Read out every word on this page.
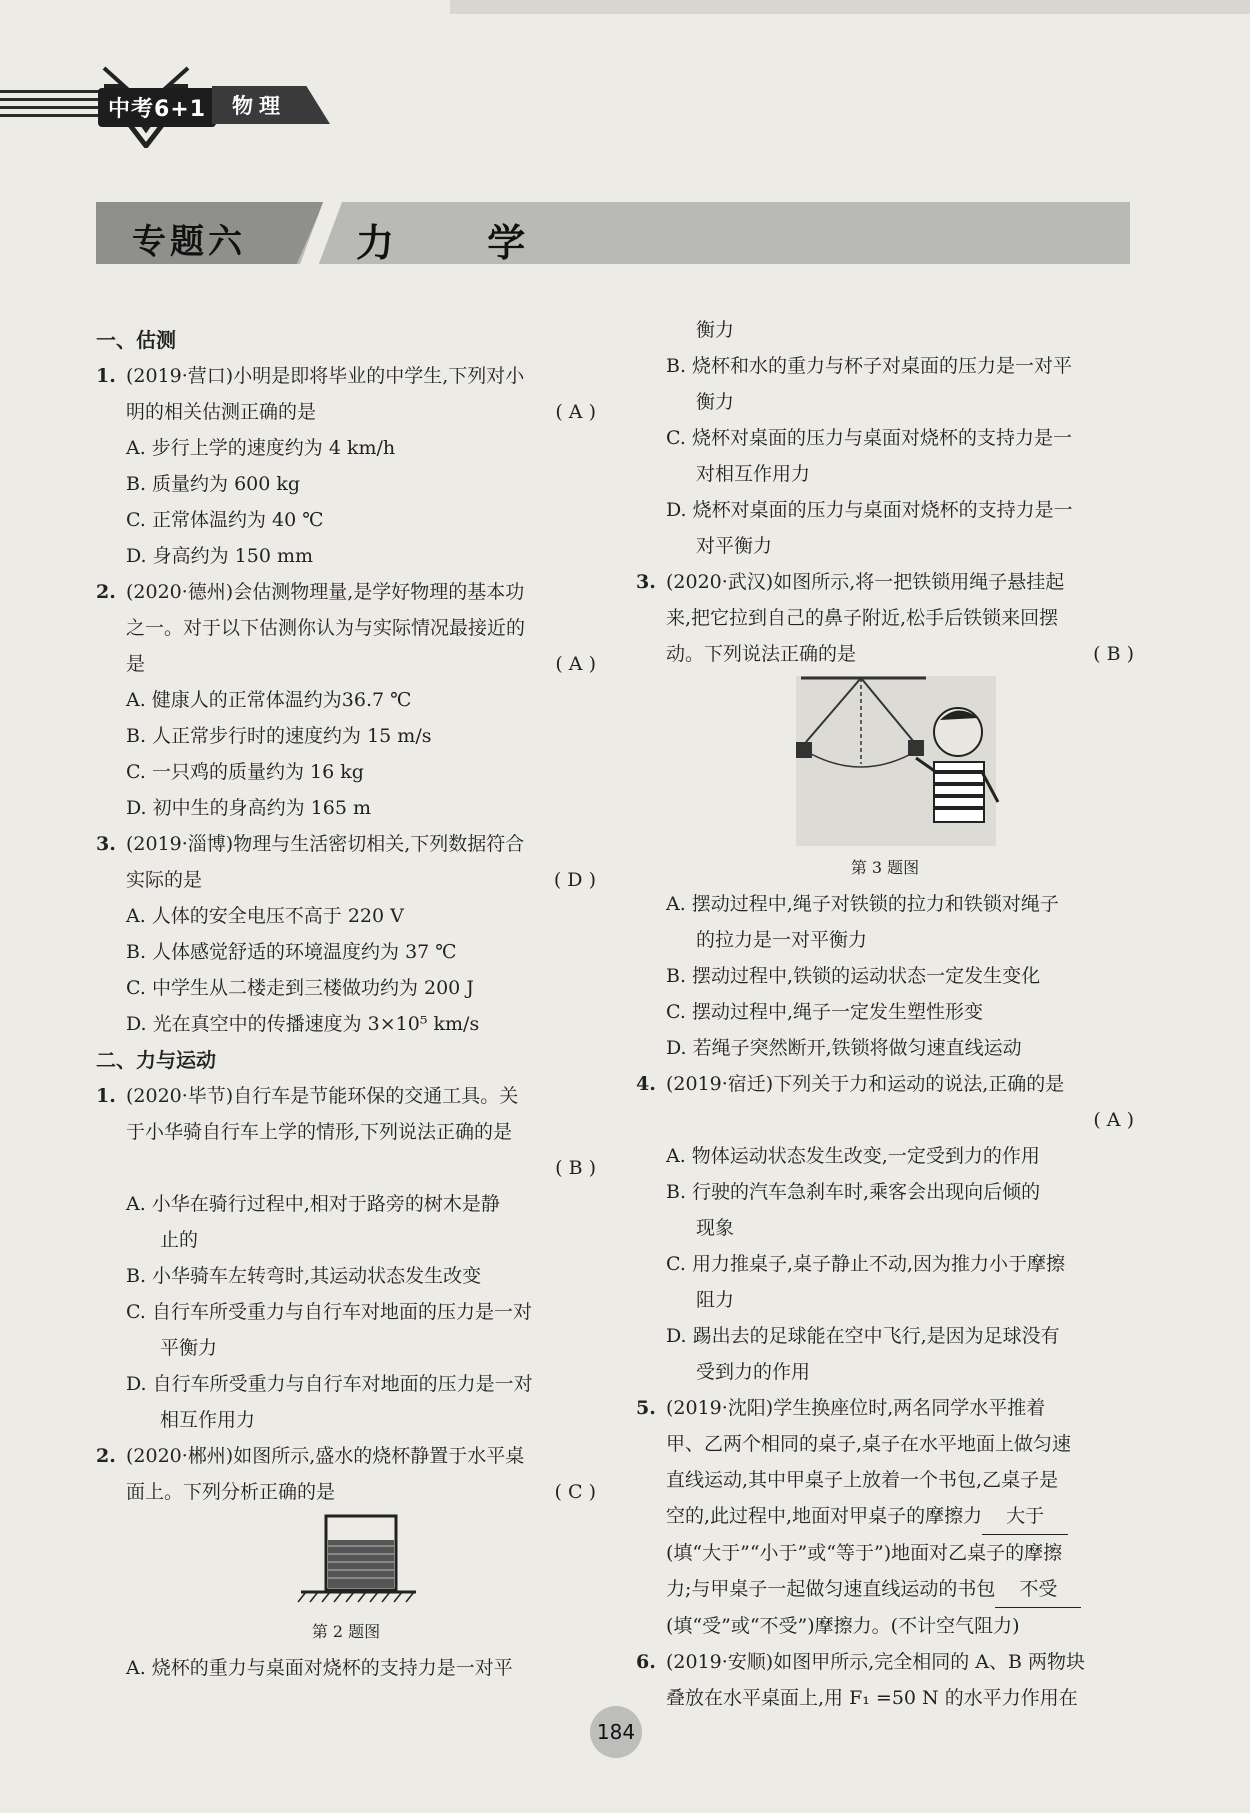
中考6+1	物理
专题六	力 学
一、估测
1. (2019·营口)小明是即将毕业的中学生,下列对小
明的相关估测正确的是	( A )
A. 步行上学的速度约为 4 km/h
B. 质量约为 600 kg
C. 正常体温约为 40 ℃
D. 身高约为 150 mm
2. (2020·德州)会估测物理量,是学好物理的基本功
之一。对于以下估测你认为与实际情况最接近的
是	( A )
A. 健康人的正常体温约为36.7 ℃
B. 人正常步行时的速度约为 15 m/s
C. 一只鸡的质量约为 16 kg
D. 初中生的身高约为 165 m
3. (2019·淄博)物理与生活密切相关,下列数据符合
实际的是	( D )
A. 人体的安全电压不高于 220 V
B. 人体感觉舒适的环境温度约为 37 ℃
C. 中学生从二楼走到三楼做功约为 200 J
D. 光在真空中的传播速度为 3×10⁵ km/s
二、力与运动
1. (2020·毕节)自行车是节能环保的交通工具。关
于小华骑自行车上学的情形,下列说法正确的是
( B )

A. 小华在骑行过程中,相对于路旁的树木是静
止的
B. 小华骑车左转弯时,其运动状态发生改变
C. 自行车所受重力与自行车对地面的压力是一对
平衡力
D. 自行车所受重力与自行车对地面的压力是一对
相互作用力
2. (2020·郴州)如图所示,盛水的烧杯静置于水平桌
面上。下列分析正确的是	( C )
第 2 题图
A. 烧杯的重力与桌面对烧杯的支持力是一对平
衡力
B. 烧杯和水的重力与杯子对桌面的压力是一对平
衡力
C. 烧杯对桌面的压力与桌面对烧杯的支持力是一
对相互作用力
D. 烧杯对桌面的压力与桌面对烧杯的支持力是一
对平衡力
3. (2020·武汉)如图所示,将一把铁锁用绳子悬挂起
来,把它拉到自己的鼻子附近,松手后铁锁来回摆
动。下列说法正确的是	( B )
第 3 题图
A. 摆动过程中,绳子对铁锁的拉力和铁锁对绳子
的拉力是一对平衡力
B. 摆动过程中,铁锁的运动状态一定发生变化
C. 摆动过程中,绳子一定发生塑性形变
D. 若绳子突然断开,铁锁将做匀速直线运动
4. (2019·宿迁)下列关于力和运动的说法,正确的是
( A )

A. 物体运动状态发生改变,一定受到力的作用
B. 行驶的汽车急刹车时,乘客会出现向后倾的
现象
C. 用力推桌子,桌子静止不动,因为推力小于摩擦
阻力
D. 踢出去的足球能在空中飞行,是因为足球没有
受到力的作用
5. (2019·沈阳)学生换座位时,两名同学水平推着
甲、乙两个相同的桌子,桌子在水平地面上做匀速
直线运动,其中甲桌子上放着一个书包,乙桌子是
空的,此过程中,地面对甲桌子的摩擦力 大于
(填“大于”“小于”或“等于”)地面对乙桌子的摩擦
力;与甲桌子一起做匀速直线运动的书包 不受
(填“受”或“不受”)摩擦力。(不计空气阻力)
6. (2019·安顺)如图甲所示,完全相同的 A、B 两物块
叠放在水平桌面上,用 F₁ =50 N 的水平力作用在
184
